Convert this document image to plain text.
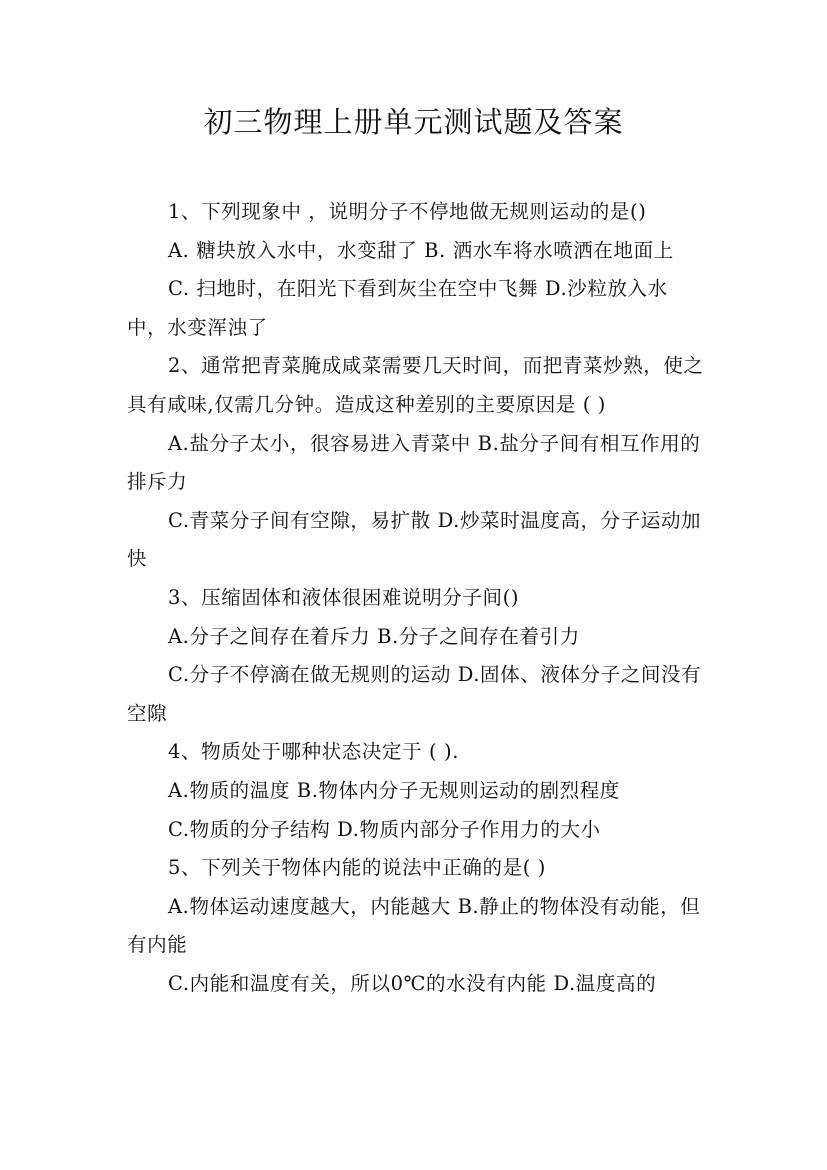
初三物理上册单元测试题及答案

1、下列现象中 ，说明分子不停地做无规则运动的是()

A. 糖块放入水中，水变甜了 B. 洒水车将水喷洒在地面上

C. 扫地时，在阳光下看到灰尘在空中飞舞 D.沙粒放入水中，水变浑浊了

2、通常把青菜腌成咸菜需要几天时间，而把青菜炒熟，使之具有咸味,仅需几分钟。造成这种差别的主要原因是 ( )

A.盐分子太小，很容易进入青菜中 B.盐分子间有相互作用的排斥力

C.青菜分子间有空隙，易扩散 D.炒菜时温度高，分子运动加快

3、压缩固体和液体很困难说明分子间()

A.分子之间存在着斥力 B.分子之间存在着引力

C.分子不停滴在做无规则的运动 D.固体、液体分子之间没有空隙

4、物质处于哪种状态决定于 ( ).

A.物质的温度 B.物体内分子无规则运动的剧烈程度

C.物质的分子结构 D.物质内部分子作用力的大小

5、下列关于物体内能的说法中正确的是( )

A.物体运动速度越大，内能越大 B.静止的物体没有动能，但有内能

C.内能和温度有关，所以0℃的水没有内能 D.温度高的
